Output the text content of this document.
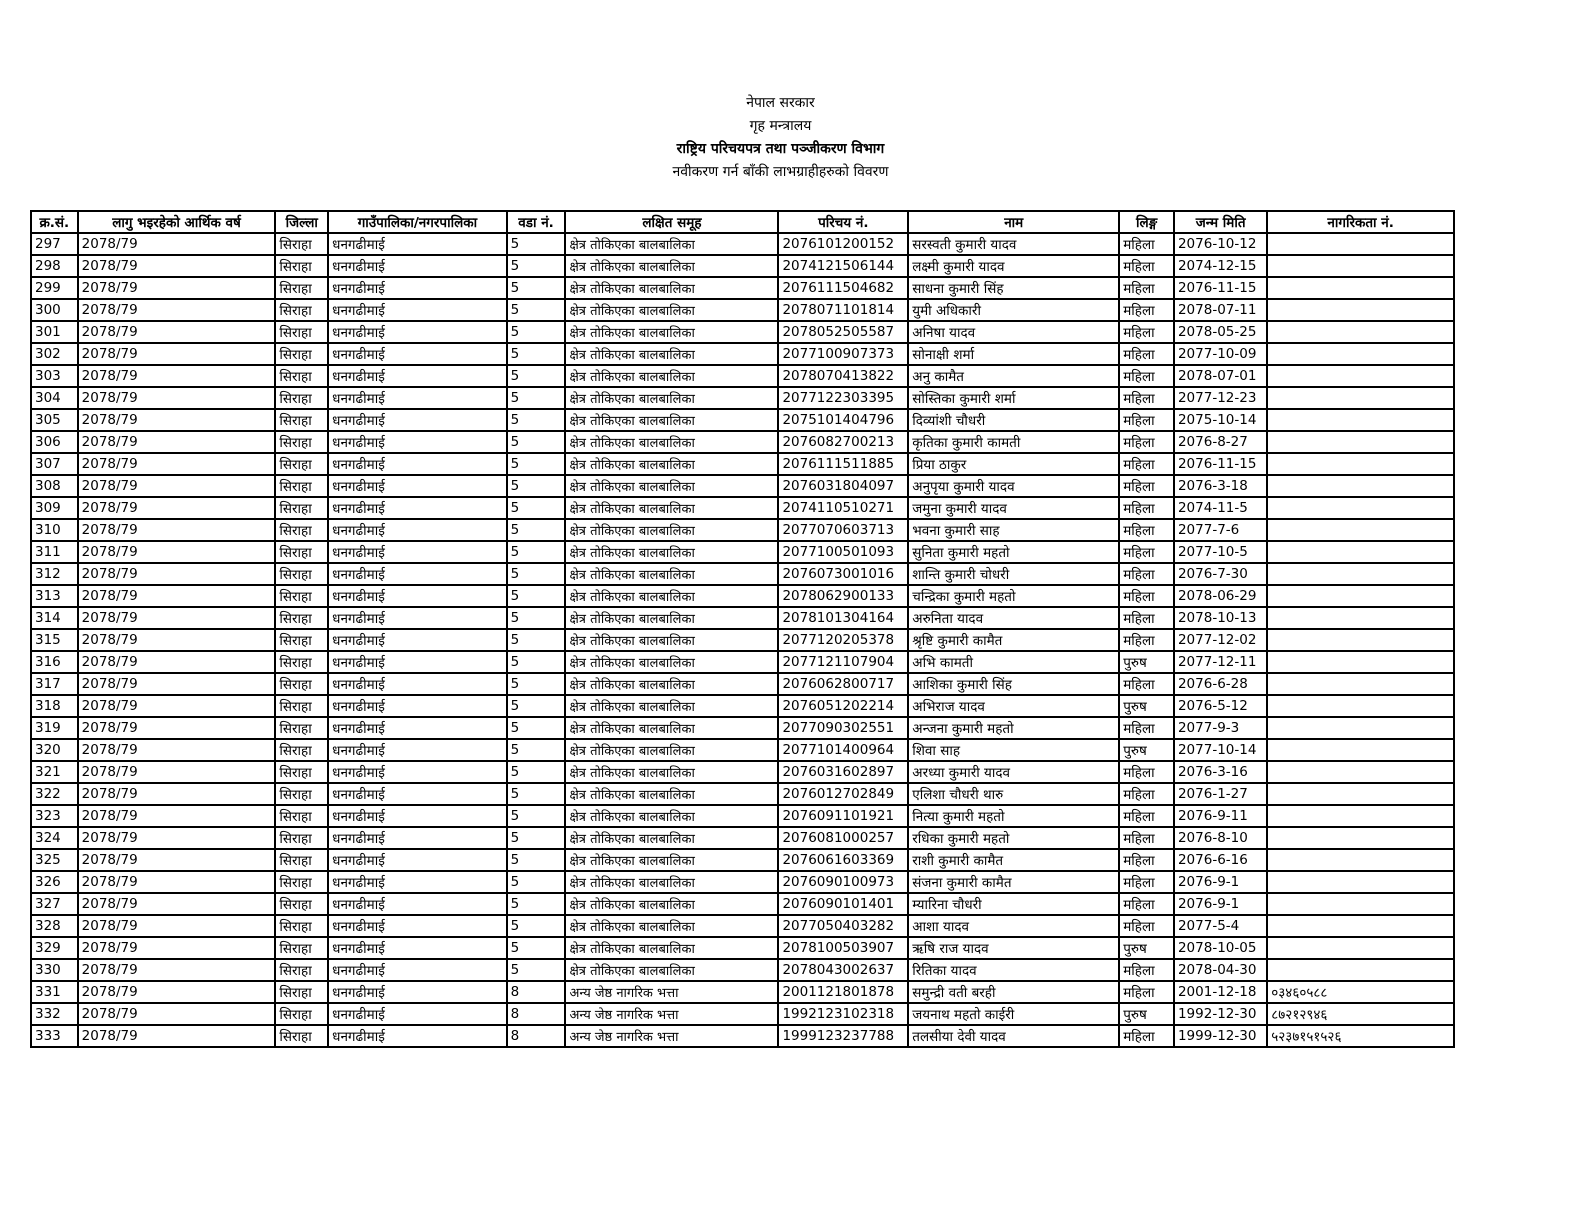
नेपाल सरकार
गृह मन्त्रालय
राष्ट्रिय परिचयपत्र तथा पञ्जीकरण विभाग
नवीकरण गर्न बाँकी लाभग्राहीहरुको विवरण
क्र.सं.	लागु भइरहेको आर्थिक वर्ष	जिल्ला	गाउँपालिका/नगरपालिका	वडा नं.	लक्षित समूह	परिचय नं.	नाम	लिङ्ग	जन्म मिति	नागरिकता नं.
297	2078/79	सिराहा	धनगढीमाई	5	क्षेत्र तोकिएका बालबालिका	2076101200152	सरस्वती कुमारी यादव	महिला	2076-10-12	
298	2078/79	सिराहा	धनगढीमाई	5	क्षेत्र तोकिएका बालबालिका	2074121506144	लक्ष्मी कुमारी यादव	महिला	2074-12-15	
299	2078/79	सिराहा	धनगढीमाई	5	क्षेत्र तोकिएका बालबालिका	2076111504682	साधना कुमारी सिंह	महिला	2076-11-15	
300	2078/79	सिराहा	धनगढीमाई	5	क्षेत्र तोकिएका बालबालिका	2078071101814	युमी अधिकारी	महिला	2078-07-11	
301	2078/79	सिराहा	धनगढीमाई	5	क्षेत्र तोकिएका बालबालिका	2078052505587	अनिषा यादव	महिला	2078-05-25	
302	2078/79	सिराहा	धनगढीमाई	5	क्षेत्र तोकिएका बालबालिका	2077100907373	सोनाक्षी शर्मा	महिला	2077-10-09	
303	2078/79	सिराहा	धनगढीमाई	5	क्षेत्र तोकिएका बालबालिका	2078070413822	अनु कामैत	महिला	2078-07-01	
304	2078/79	सिराहा	धनगढीमाई	5	क्षेत्र तोकिएका बालबालिका	2077122303395	सोस्तिका कुमारी शर्मा	महिला	2077-12-23	
305	2078/79	सिराहा	धनगढीमाई	5	क्षेत्र तोकिएका बालबालिका	2075101404796	दिव्यांशी चौधरी	महिला	2075-10-14	
306	2078/79	सिराहा	धनगढीमाई	5	क्षेत्र तोकिएका बालबालिका	2076082700213	कृतिका कुमारी कामती	महिला	2076-8-27	
307	2078/79	सिराहा	धनगढीमाई	5	क्षेत्र तोकिएका बालबालिका	2076111511885	प्रिया ठाकुर	महिला	2076-11-15	
308	2078/79	सिराहा	धनगढीमाई	5	क्षेत्र तोकिएका बालबालिका	2076031804097	अनुपृया कुमारी यादव	महिला	2076-3-18	
309	2078/79	सिराहा	धनगढीमाई	5	क्षेत्र तोकिएका बालबालिका	2074110510271	जमुना कुमारी यादव	महिला	2074-11-5	
310	2078/79	सिराहा	धनगढीमाई	5	क्षेत्र तोकिएका बालबालिका	2077070603713	भवना कुमारी साह	महिला	2077-7-6	
311	2078/79	सिराहा	धनगढीमाई	5	क्षेत्र तोकिएका बालबालिका	2077100501093	सुनिता कुमारी महतो	महिला	2077-10-5	
312	2078/79	सिराहा	धनगढीमाई	5	क्षेत्र तोकिएका बालबालिका	2076073001016	शान्ति कुमारी चोधरी	महिला	2076-7-30	
313	2078/79	सिराहा	धनगढीमाई	5	क्षेत्र तोकिएका बालबालिका	2078062900133	चन्द्रिका कुमारी महतो	महिला	2078-06-29	
314	2078/79	सिराहा	धनगढीमाई	5	क्षेत्र तोकिएका बालबालिका	2078101304164	अरुनिता यादव	महिला	2078-10-13	
315	2078/79	सिराहा	धनगढीमाई	5	क्षेत्र तोकिएका बालबालिका	2077120205378	श्रृष्टि कुमारी कामैत	महिला	2077-12-02	
316	2078/79	सिराहा	धनगढीमाई	5	क्षेत्र तोकिएका बालबालिका	2077121107904	अभि कामती	पुरुष	2077-12-11	
317	2078/79	सिराहा	धनगढीमाई	5	क्षेत्र तोकिएका बालबालिका	2076062800717	आशिका कुमारी सिंह	महिला	2076-6-28	
318	2078/79	सिराहा	धनगढीमाई	5	क्षेत्र तोकिएका बालबालिका	2076051202214	अभिराज यादव	पुरुष	2076-5-12	
319	2078/79	सिराहा	धनगढीमाई	5	क्षेत्र तोकिएका बालबालिका	2077090302551	अन्जना कुमारी महतो	महिला	2077-9-3	
320	2078/79	सिराहा	धनगढीमाई	5	क्षेत्र तोकिएका बालबालिका	2077101400964	शिवा साह	पुरुष	2077-10-14	
321	2078/79	सिराहा	धनगढीमाई	5	क्षेत्र तोकिएका बालबालिका	2076031602897	अरध्या कुमारी यादव	महिला	2076-3-16	
322	2078/79	सिराहा	धनगढीमाई	5	क्षेत्र तोकिएका बालबालिका	2076012702849	एलिशा चौधरी थारु	महिला	2076-1-27	
323	2078/79	सिराहा	धनगढीमाई	5	क्षेत्र तोकिएका बालबालिका	2076091101921	नित्या कुमारी महतो	महिला	2076-9-11	
324	2078/79	सिराहा	धनगढीमाई	5	क्षेत्र तोकिएका बालबालिका	2076081000257	रधिका कुमारी महतो	महिला	2076-8-10	
325	2078/79	सिराहा	धनगढीमाई	5	क्षेत्र तोकिएका बालबालिका	2076061603369	राशी कुमारी कामैत	महिला	2076-6-16	
326	2078/79	सिराहा	धनगढीमाई	5	क्षेत्र तोकिएका बालबालिका	2076090100973	संजना कुमारी कामैत	महिला	2076-9-1	
327	2078/79	सिराहा	धनगढीमाई	5	क्षेत्र तोकिएका बालबालिका	2076090101401	म्यारिना चौधरी	महिला	2076-9-1	
328	2078/79	सिराहा	धनगढीमाई	5	क्षेत्र तोकिएका बालबालिका	2077050403282	आशा यादव	महिला	2077-5-4	
329	2078/79	सिराहा	धनगढीमाई	5	क्षेत्र तोकिएका बालबालिका	2078100503907	ऋषि राज यादव	पुरुष	2078-10-05	
330	2078/79	सिराहा	धनगढीमाई	5	क्षेत्र तोकिएका बालबालिका	2078043002637	रितिका यादव	महिला	2078-04-30	
331	2078/79	सिराहा	धनगढीमाई	8	अन्य जेष्ठ नागरिक भत्ता	2001121801878	समुन्द्री वती बरही	महिला	2001-12-18	०३४६०५८८
332	2078/79	सिराहा	धनगढीमाई	8	अन्य जेष्ठ नागरिक भत्ता	1992123102318	जयनाथ महतो काईरी	पुरुष	1992-12-30	८७२१२९४६
333	2078/79	सिराहा	धनगढीमाई	8	अन्य जेष्ठ नागरिक भत्ता	1999123237788	तलसीया देवी यादव	महिला	1999-12-30	५२३७१५१५२६
